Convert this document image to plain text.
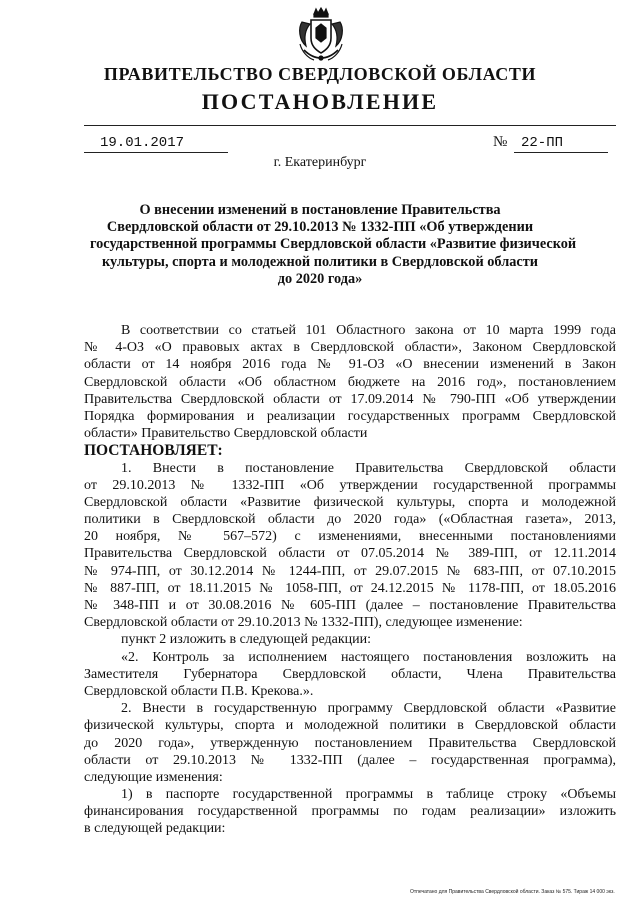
ПРАВИТЕЛЬСТВО СВЕРДЛОВСКОЙ ОБЛАСТИ
ПОСТАНОВЛЕНИЕ
19.01.2017	№ 22-ПП
г. Екатеринбург
О внесении изменений в постановление Правительства
Свердловской области от 29.10.2013 № 1332-ПП «Об утверждении
государственной программы Свердловской области «Развитие физической
культуры, спорта и молодежной политики в Свердловской области
до 2020 года»
В соответствии со статьей 101 Областного закона от 10 марта 1999 года
№ 4-ОЗ «О правовых актах в Свердловской области», Законом Свердловской
области от 14 ноября 2016 года № 91-ОЗ «О внесении изменений в Закон
Свердловской области «Об областном бюджете на 2016 год», постановлением
Правительства Свердловской области от 17.09.2014 № 790-ПП «Об утверждении
Порядка формирования и реализации государственных программ Свердловской
области» Правительство Свердловской области
ПОСТАНОВЛЯЕТ:
1. Внести в постановление Правительства Свердловской области
от 29.10.2013 № 1332-ПП «Об утверждении государственной программы
Свердловской области «Развитие физической культуры, спорта и молодежной
политики в Свердловской области до 2020 года» («Областная газета», 2013,
20 ноября, № 567–572) с изменениями, внесенными постановлениями
Правительства Свердловской области от 07.05.2014 № 389-ПП, от 12.11.2014
№ 974-ПП, от 30.12.2014 № 1244-ПП, от 29.07.2015 № 683-ПП, от 07.10.2015
№ 887-ПП, от 18.11.2015 № 1058-ПП, от 24.12.2015 № 1178-ПП, от 18.05.2016
№ 348-ПП и от 30.08.2016 № 605-ПП (далее – постановление Правительства
Свердловской области от 29.10.2013 № 1332-ПП), следующее изменение:
пункт 2 изложить в следующей редакции:
«2. Контроль за исполнением настоящего постановления возложить на
Заместителя Губернатора Свердловской области, Члена Правительства
Свердловской области П.В. Крекова.».
2. Внести в государственную программу Свердловской области «Развитие
физической культуры, спорта и молодежной политики в Свердловской области
до 2020 года», утвержденную постановлением Правительства Свердловской
области от 29.10.2013 № 1332-ПП (далее – государственная программа),
следующие изменения:
1) в паспорте государственной программы в таблице строку «Объемы
финансирования государственной программы по годам реализации» изложить
в следующей редакции:
Отпечатано для Правительства Свердловской области. Заказ № 575. Тираж 14 000 экз.
